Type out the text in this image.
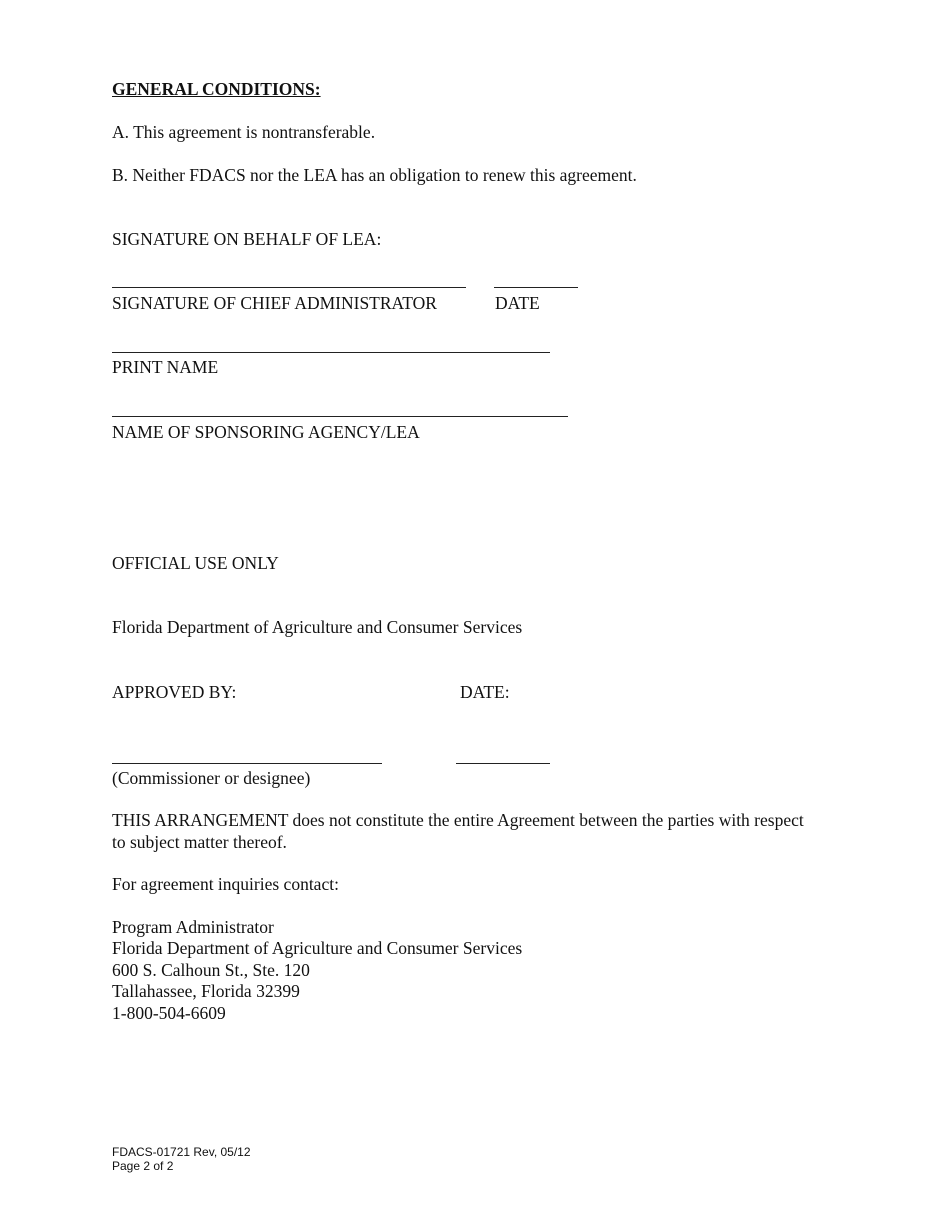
GENERAL CONDITIONS:
A. This agreement is nontransferable.
B. Neither FDACS nor the LEA has an obligation to renew this agreement.
SIGNATURE ON BEHALF OF LEA:
SIGNATURE OF CHIEF ADMINISTRATOR	DATE
PRINT NAME
NAME OF SPONSORING AGENCY/LEA
OFFICIAL USE ONLY
Florida Department of Agriculture and Consumer Services
APPROVED BY:	DATE:
(Commissioner or designee)
THIS ARRANGEMENT does not constitute the entire Agreement between the parties with respect to subject matter thereof.
For agreement inquiries contact:
Program Administrator
Florida Department of Agriculture and Consumer Services
600 S. Calhoun St., Ste. 120
Tallahassee, Florida 32399
1-800-504-6609
FDACS-01721 Rev, 05/12
Page 2 of 2
